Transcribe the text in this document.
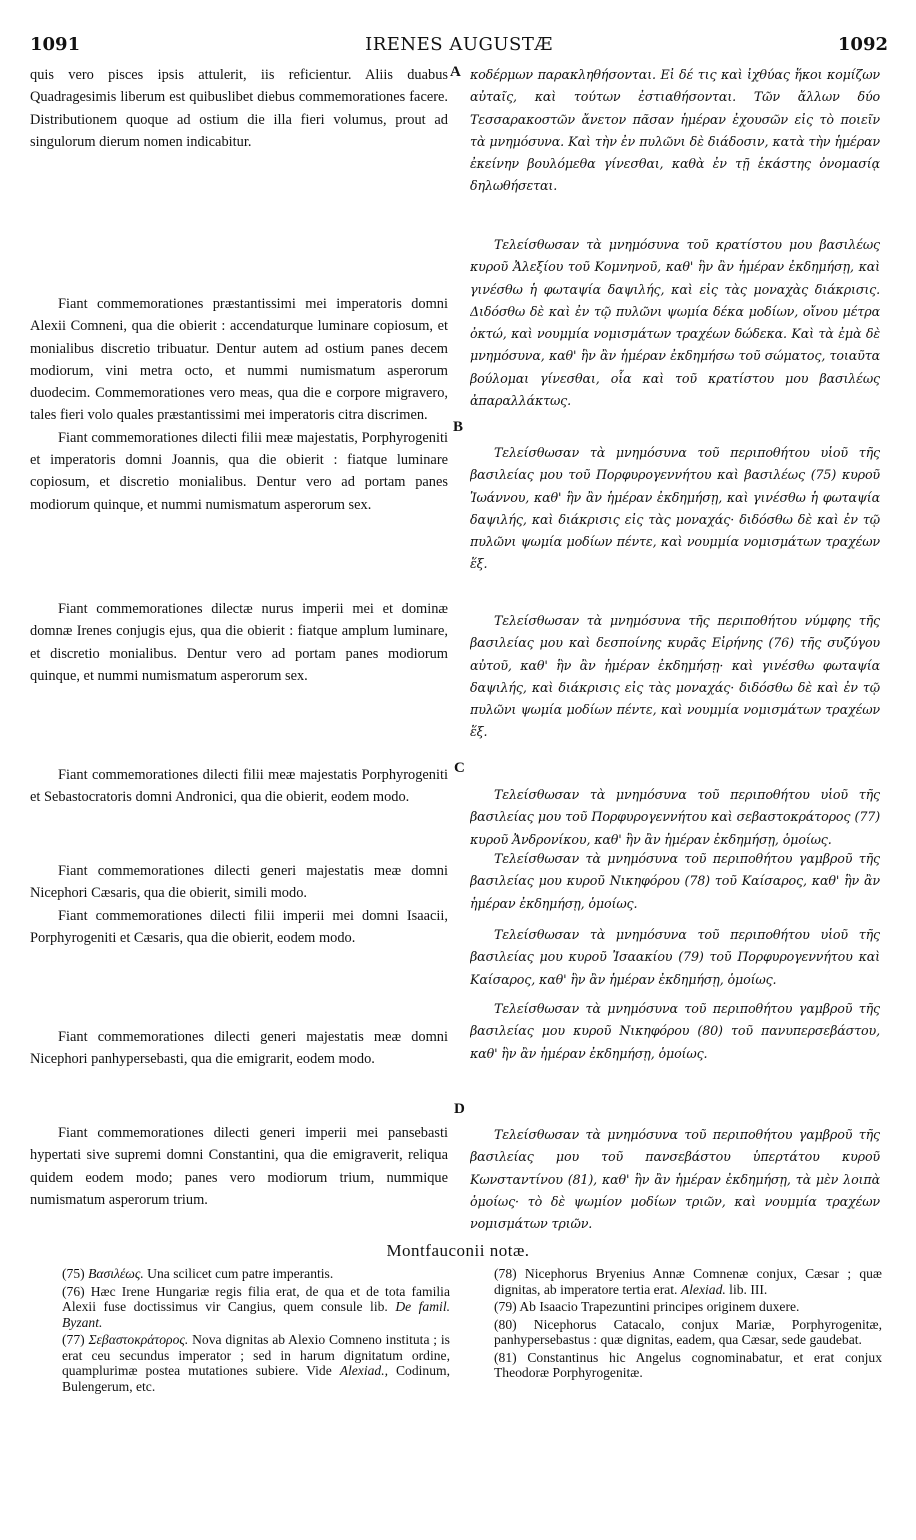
1091	IRENES AUGUSTÆ	1092

quis vero pisces ipsis attulerit, iis reficientur. Aliis duabus Quadragesimis liberum est quibuslibet diebus commemorationes facere. Distributionem quoque ad ostium die illa fieri volumus, prout ad singulorum dierum nomen indicabitur.

Fiant commemorationes præstantissimi mei imperatoris domni Alexii Comneni, qua die obierit : accendaturque luminare copiosum, et monialibus discretio tribuatur. Dentur autem ad ostium panes decem modiorum, vini metra octo, et nummi numismatum asperorum duodecim. Commemorationes vero meas, qua die e corpore migravero, tales fieri volo quales præstantissimi mei imperatoris citra discrimen.

Fiant commemorationes dilecti filii meæ majestatis, Porphyrogeniti et imperatoris domni Joannis, qua die obierit : fiatque luminare copiosum, et discretio monialibus. Dentur vero ad portam panes modiorum quinque, et nummi numismatum asperorum sex.

Fiant commemorationes dilectæ nurus imperii mei et dominæ domnæ Irenes conjugis ejus, qua die obierit : fiatque amplum luminare, et discretio monialibus. Dentur vero ad portam panes modiorum quinque, et nummi numismatum asperorum sex.

Fiant commemorationes dilecti filii meæ majestatis Porphyrogeniti et Sebastocratoris domni Andronici, qua die obierit, eodem modo.

Fiant commemorationes dilecti generi majestatis meæ domni Nicephori Cæsaris, qua die obierit, simili modo.

Fiant commemorationes dilecti filii imperii mei domni Isaacii, Porphyrogeniti et Cæsaris, qua die obierit, eodem modo.

Fiant commemorationes dilecti generi majestatis meæ domni Nicephori panhypersebasti, qua die emigrarit, eodem modo.

Fiant commemorationes dilecti generi imperii mei pansebasti hypertati sive supremi domni Constantini, qua die emigraverit, reliqua quidem eodem modo; panes vero modiorum trium, nummique numismatum asperorum trium.

A
B
C
D

κοδέρμων παρακληθήσονται. Εἰ δέ τις καὶ ἰχθύας ἥκοι κομίζων αὐταῖς, καὶ τούτων ἐστιαθήσονται. Τῶν ἄλλων δύο Τεσσαρακοστῶν ἄνετον πᾶσαν ἡμέραν ἐχουσῶν εἰς τὸ ποιεῖν τὰ μνημόσυνα. Καὶ τὴν ἐν πυλῶνι δὲ διάδοσιν, κατὰ τὴν ἡμέραν ἐκείνην βουλόμεθα γίνεσθαι, καθὰ ἐν τῇ ἑκάστης ὀνομασίᾳ δηλωθήσεται.

Τελείσθωσαν τὰ μνημόσυνα τοῦ κρατίστου μου βασιλέως κυροῦ Ἀλεξίου τοῦ Κομνηνοῦ, καθ' ἣν ἂν ἡμέραν ἐκδημήσῃ, καὶ γινέσθω ἡ φωταψία δαψιλής, καὶ εἰς τὰς μοναχὰς διάκρισις. Διδόσθω δὲ καὶ ἐν τῷ πυλῶνι ψωμία δέκα μοδίων, οἴνου μέτρα ὀκτώ, καὶ νουμμία νομισμάτων τραχέων δώδεκα. Καὶ τὰ ἐμὰ δὲ μνημόσυνα, καθ' ἣν ἂν ἡμέραν ἐκδημήσω τοῦ σώματος, τοιαῦτα βούλομαι γίνεσθαι, οἷα καὶ τοῦ κρατίστου μου βασιλέως ἀπαραλλάκτως.

Τελείσθωσαν τὰ μνημόσυνα τοῦ περιποθήτου υἱοῦ τῆς βασιλείας μου τοῦ Πορφυρογεννήτου καὶ βασιλέως (75) κυροῦ Ἰωάννου, καθ' ἣν ἂν ἡμέραν ἐκδημήσῃ, καὶ γινέσθω ἡ φωταψία δαψιλής, καὶ διάκρισις εἰς τὰς μοναχάς· διδόσθω δὲ καὶ ἐν τῷ πυλῶνι ψωμία μοδίων πέντε, καὶ νουμμία νομισμάτων τραχέων ἕξ.

Τελείσθωσαν τὰ μνημόσυνα τῆς περιποθήτου νύμφης τῆς βασιλείας μου καὶ δεσποίνης κυρᾶς Εἰρήνης (76) τῆς συζύγου αὐτοῦ, καθ' ἣν ἂν ἡμέραν ἐκδημήσῃ· καὶ γινέσθω φωταψία δαψιλής, καὶ διάκρισις εἰς τὰς μοναχάς· διδόσθω δὲ καὶ ἐν τῷ πυλῶνι ψωμία μοδίων πέντε, καὶ νουμμία νομισμάτων τραχέων ἕξ.

Τελείσθωσαν τὰ μνημόσυνα τοῦ περιποθήτου υἱοῦ τῆς βασιλείας μου τοῦ Πορφυρογεννήτου καὶ σεβαστοκράτορος (77) κυροῦ Ἀνδρονίκου, καθ' ἣν ἂν ἡμέραν ἐκδημήσῃ, ὁμοίως.

Τελείσθωσαν τὰ μνημόσυνα τοῦ περιποθήτου γαμβροῦ τῆς βασιλείας μου κυροῦ Νικηφόρου (78) τοῦ Καίσαρος, καθ' ἣν ἂν ἡμέραν ἐκδημήσῃ, ὁμοίως.

Τελείσθωσαν τὰ μνημόσυνα τοῦ περιποθήτου υἱοῦ τῆς βασιλείας μου κυροῦ Ἰσαακίου (79) τοῦ Πορφυρογεννήτου καὶ Καίσαρος, καθ' ἣν ἂν ἡμέραν ἐκδημήσῃ, ὁμοίως.

Τελείσθωσαν τὰ μνημόσυνα τοῦ περιποθήτου γαμβροῦ τῆς βασιλείας μου κυροῦ Νικηφόρου (80) τοῦ πανυπερσεβάστου, καθ' ἣν ἂν ἡμέραν ἐκδημήσῃ, ὁμοίως.

Τελείσθωσαν τὰ μνημόσυνα τοῦ περιποθήτου γαμβροῦ τῆς βασιλείας μου τοῦ πανσεβάστου ὑπερτάτου κυροῦ Κωνσταντίνου (81), καθ' ἣν ἂν ἡμέραν ἐκδημήσῃ, τὰ μὲν λοιπὰ ὁμοίως· τὸ δὲ ψωμίον μοδίων τριῶν, καὶ νουμμία τραχέων νομισμάτων τριῶν.

Montfauconii notæ.

(75) Βασιλέως. Una scilicet cum patre imperantis.

(76) Hæc Irene Hungariæ regis filia erat, de qua et de tota familia Alexii fuse doctissimus vir Cangius, quem consule lib. De famil. Byzant.

(77) Σεβαστοκράτορος. Nova dignitas ab Alexio Comneno instituta ; is erat ceu secundus imperator ; sed in harum dignitatum ordine, quamplurimæ postea mutationes subiere. Vide Alexiad., Codinum, Bulengerum, etc.

(78) Nicephorus Bryenius Annæ Comnenæ conjux, Cæsar ; quæ dignitas, ab imperatore tertia erat. Alexiad. lib. III.

(79) Ab Isaacio Trapezuntini principes originem duxere.

(80) Nicephorus Catacalo, conjux Mariæ, Porphyrogenitæ, panhypersebastus : quæ dignitas, eadem, qua Cæsar, sede gaudebat.

(81) Constantinus hic Angelus cognominabatur, et erat conjux Theodoræ Porphyrogenitæ.
